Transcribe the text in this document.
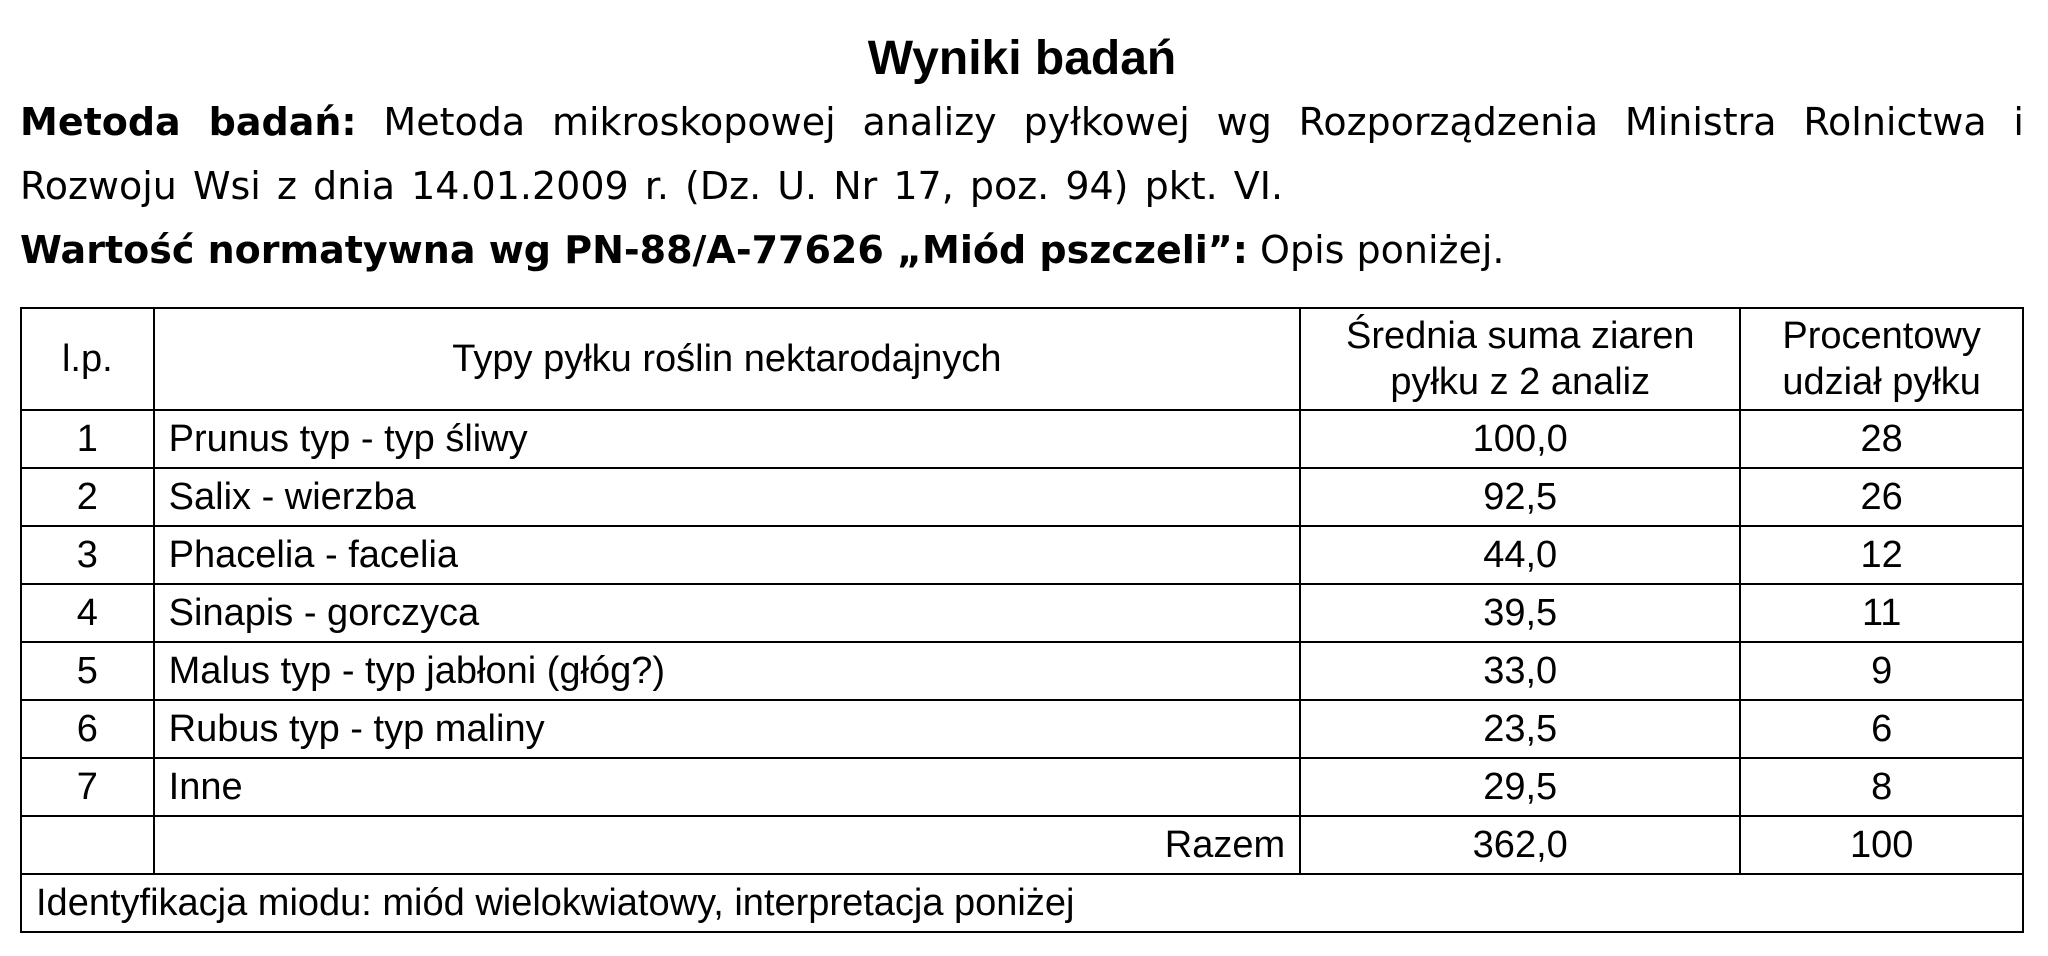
Wyniki badań
Metoda badań: Metoda mikroskopowej analizy pyłkowej wg Rozporządzenia Ministra Rolnictwa i Rozwoju Wsi z dnia 14.01.2009 r. (Dz. U. Nr 17, poz. 94) pkt. VI.
Wartość normatywna wg PN-88/A-77626 „Miód pszczeli”: Opis poniżej.
l.p.	Typy pyłku roślin nektarodajnych	Średnia suma ziaren pyłku z 2 analiz	Procentowy udział pyłku
1	Prunus typ - typ śliwy	100,0	28
2	Salix - wierzba	92,5	26
3	Phacelia - facelia	44,0	12
4	Sinapis - gorczyca	39,5	11
5	Malus typ - typ jabłoni (głóg?)	33,0	9
6	Rubus typ - typ maliny	23,5	6
7	Inne	29,5	8
	Razem	362,0	100
Identyfikacja miodu: miód wielokwiatowy, interpretacja poniżej			
